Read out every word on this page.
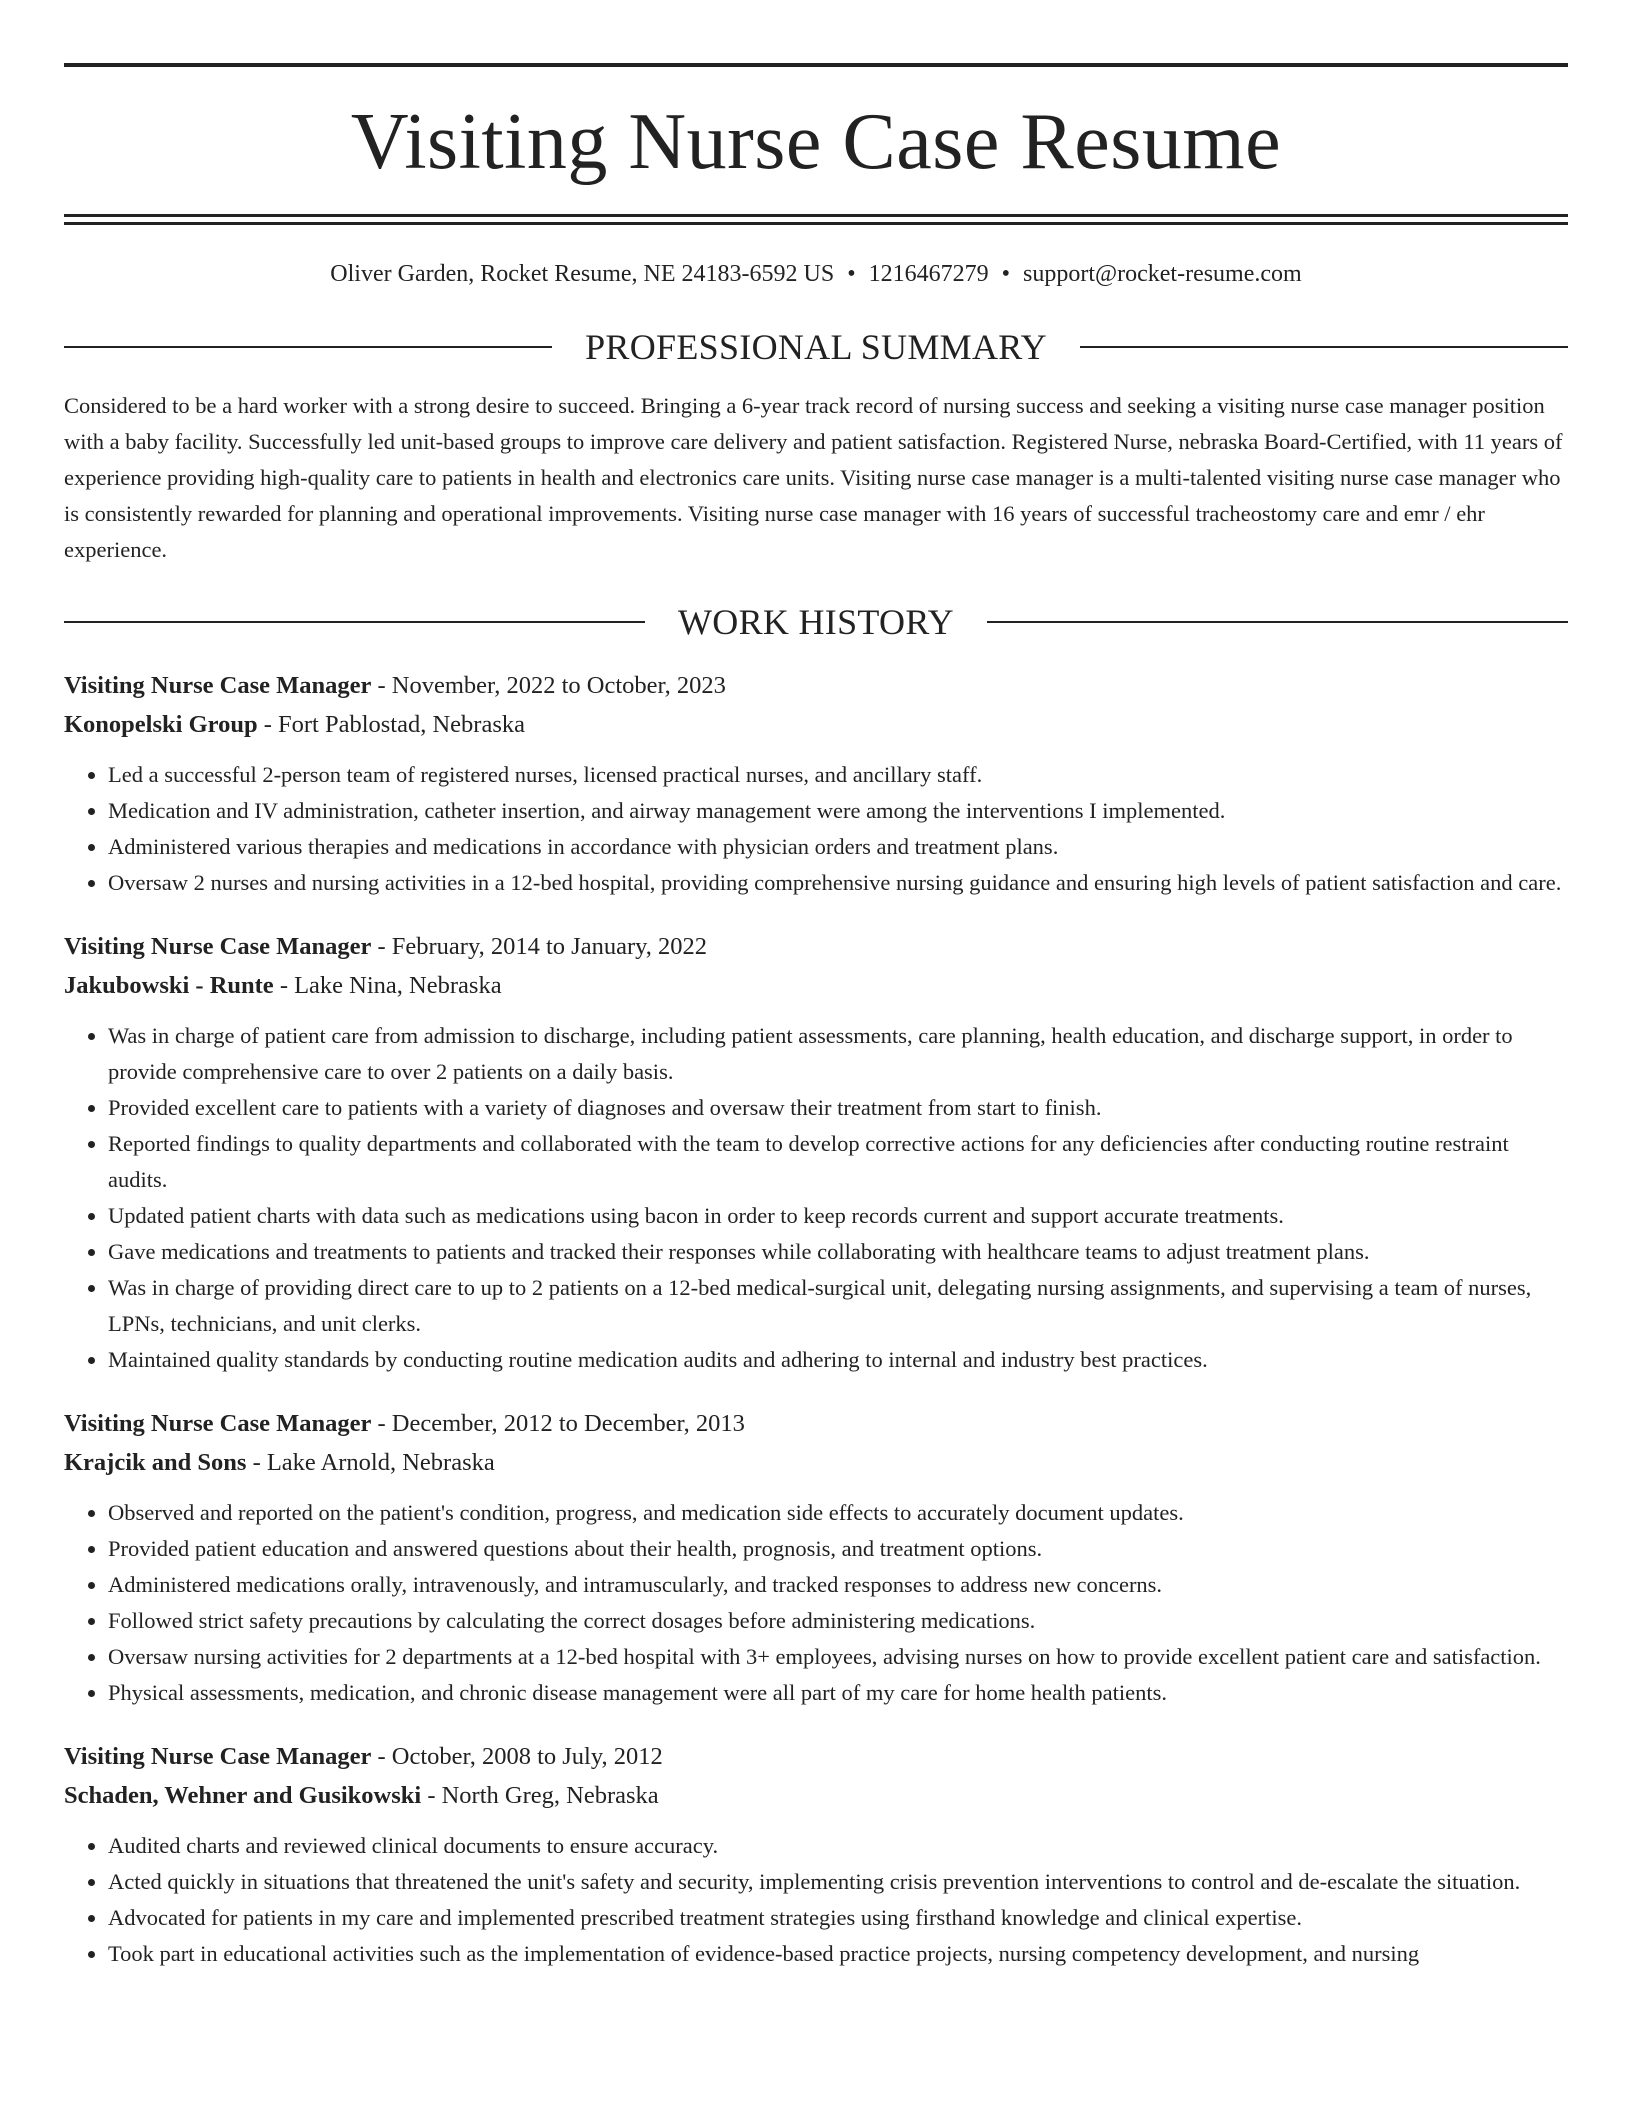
Visiting Nurse Case Resume
Oliver Garden, Rocket Resume, NE 24183-6592 US • 1216467279 • support@rocket-resume.com
PROFESSIONAL SUMMARY
Considered to be a hard worker with a strong desire to succeed. Bringing a 6-year track record of nursing success and seeking a visiting nurse case manager position with a baby facility. Successfully led unit-based groups to improve care delivery and patient satisfaction. Registered Nurse, nebraska Board-Certified, with 11 years of experience providing high-quality care to patients in health and electronics care units. Visiting nurse case manager is a multi-talented visiting nurse case manager who is consistently rewarded for planning and operational improvements. Visiting nurse case manager with 16 years of successful tracheostomy care and emr / ehr experience.
WORK HISTORY
Visiting Nurse Case Manager - November, 2022 to October, 2023
Konopelski Group - Fort Pablostad, Nebraska
• Led a successful 2-person team of registered nurses, licensed practical nurses, and ancillary staff.
• Medication and IV administration, catheter insertion, and airway management were among the interventions I implemented.
• Administered various therapies and medications in accordance with physician orders and treatment plans.
• Oversaw 2 nurses and nursing activities in a 12-bed hospital, providing comprehensive nursing guidance and ensuring high levels of patient satisfaction and care.
Visiting Nurse Case Manager - February, 2014 to January, 2022
Jakubowski - Runte - Lake Nina, Nebraska
• Was in charge of patient care from admission to discharge, including patient assessments, care planning, health education, and discharge support, in order to provide comprehensive care to over 2 patients on a daily basis.
• Provided excellent care to patients with a variety of diagnoses and oversaw their treatment from start to finish.
• Reported findings to quality departments and collaborated with the team to develop corrective actions for any deficiencies after conducting routine restraint audits.
• Updated patient charts with data such as medications using bacon in order to keep records current and support accurate treatments.
• Gave medications and treatments to patients and tracked their responses while collaborating with healthcare teams to adjust treatment plans.
• Was in charge of providing direct care to up to 2 patients on a 12-bed medical-surgical unit, delegating nursing assignments, and supervising a team of nurses, LPNs, technicians, and unit clerks.
• Maintained quality standards by conducting routine medication audits and adhering to internal and industry best practices.
Visiting Nurse Case Manager - December, 2012 to December, 2013
Krajcik and Sons - Lake Arnold, Nebraska
• Observed and reported on the patient's condition, progress, and medication side effects to accurately document updates.
• Provided patient education and answered questions about their health, prognosis, and treatment options.
• Administered medications orally, intravenously, and intramuscularly, and tracked responses to address new concerns.
• Followed strict safety precautions by calculating the correct dosages before administering medications.
• Oversaw nursing activities for 2 departments at a 12-bed hospital with 3+ employees, advising nurses on how to provide excellent patient care and satisfaction.
• Physical assessments, medication, and chronic disease management were all part of my care for home health patients.
Visiting Nurse Case Manager - October, 2008 to July, 2012
Schaden, Wehner and Gusikowski - North Greg, Nebraska
• Audited charts and reviewed clinical documents to ensure accuracy.
• Acted quickly in situations that threatened the unit's safety and security, implementing crisis prevention interventions to control and de-escalate the situation.
• Advocated for patients in my care and implemented prescribed treatment strategies using firsthand knowledge and clinical expertise.
• Took part in educational activities such as the implementation of evidence-based practice projects, nursing competency development, and nursing
